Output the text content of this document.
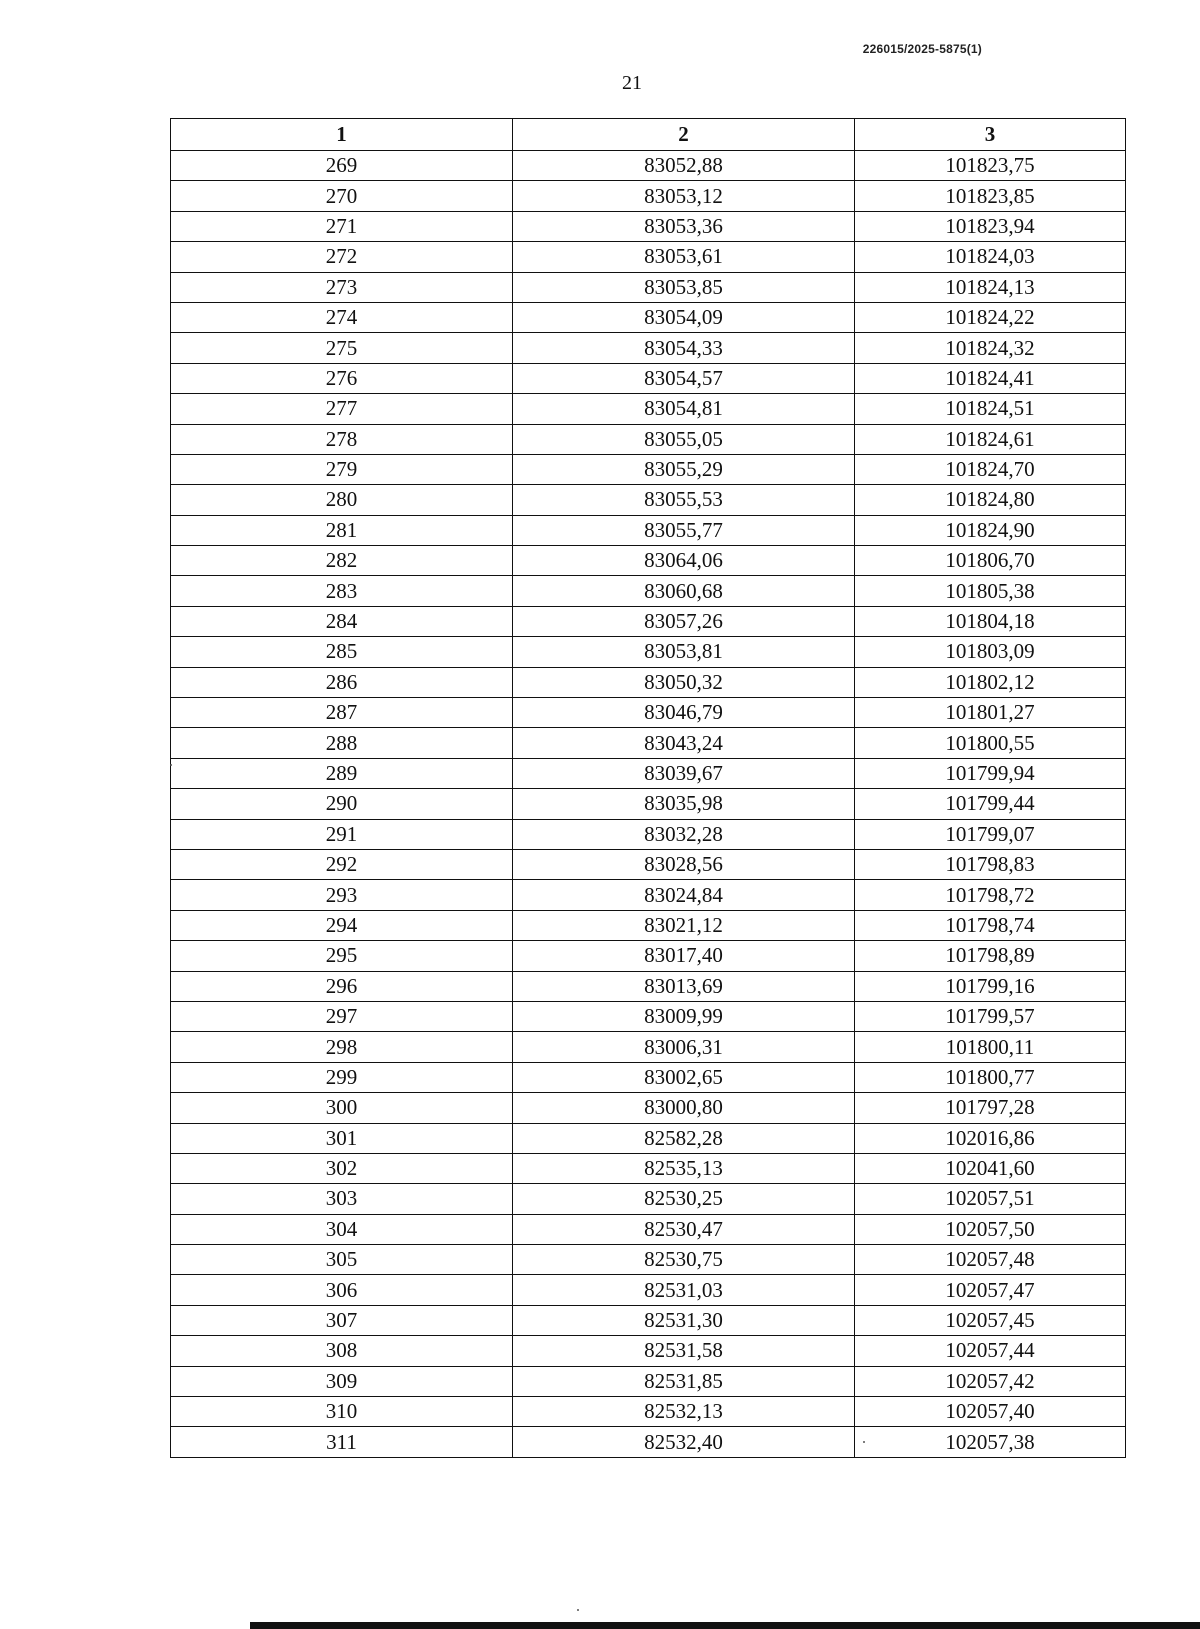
226015/2025-5875(1)
21
1	2	3
269	83052,88	101823,75
270	83053,12	101823,85
271	83053,36	101823,94
272	83053,61	101824,03
273	83053,85	101824,13
274	83054,09	101824,22
275	83054,33	101824,32
276	83054,57	101824,41
277	83054,81	101824,51
278	83055,05	101824,61
279	83055,29	101824,70
280	83055,53	101824,80
281	83055,77	101824,90
282	83064,06	101806,70
283	83060,68	101805,38
284	83057,26	101804,18
285	83053,81	101803,09
286	83050,32	101802,12
287	83046,79	101801,27
288	83043,24	101800,55
289	83039,67	101799,94
290	83035,98	101799,44
291	83032,28	101799,07
292	83028,56	101798,83
293	83024,84	101798,72
294	83021,12	101798,74
295	83017,40	101798,89
296	83013,69	101799,16
297	83009,99	101799,57
298	83006,31	101800,11
299	83002,65	101800,77
300	83000,80	101797,28
301	82582,28	102016,86
302	82535,13	102041,60
303	82530,25	102057,51
304	82530,47	102057,50
305	82530,75	102057,48
306	82531,03	102057,47
307	82531,30	102057,45
308	82531,58	102057,44
309	82531,85	102057,42
310	82532,13	102057,40
311	82532,40	102057,38
